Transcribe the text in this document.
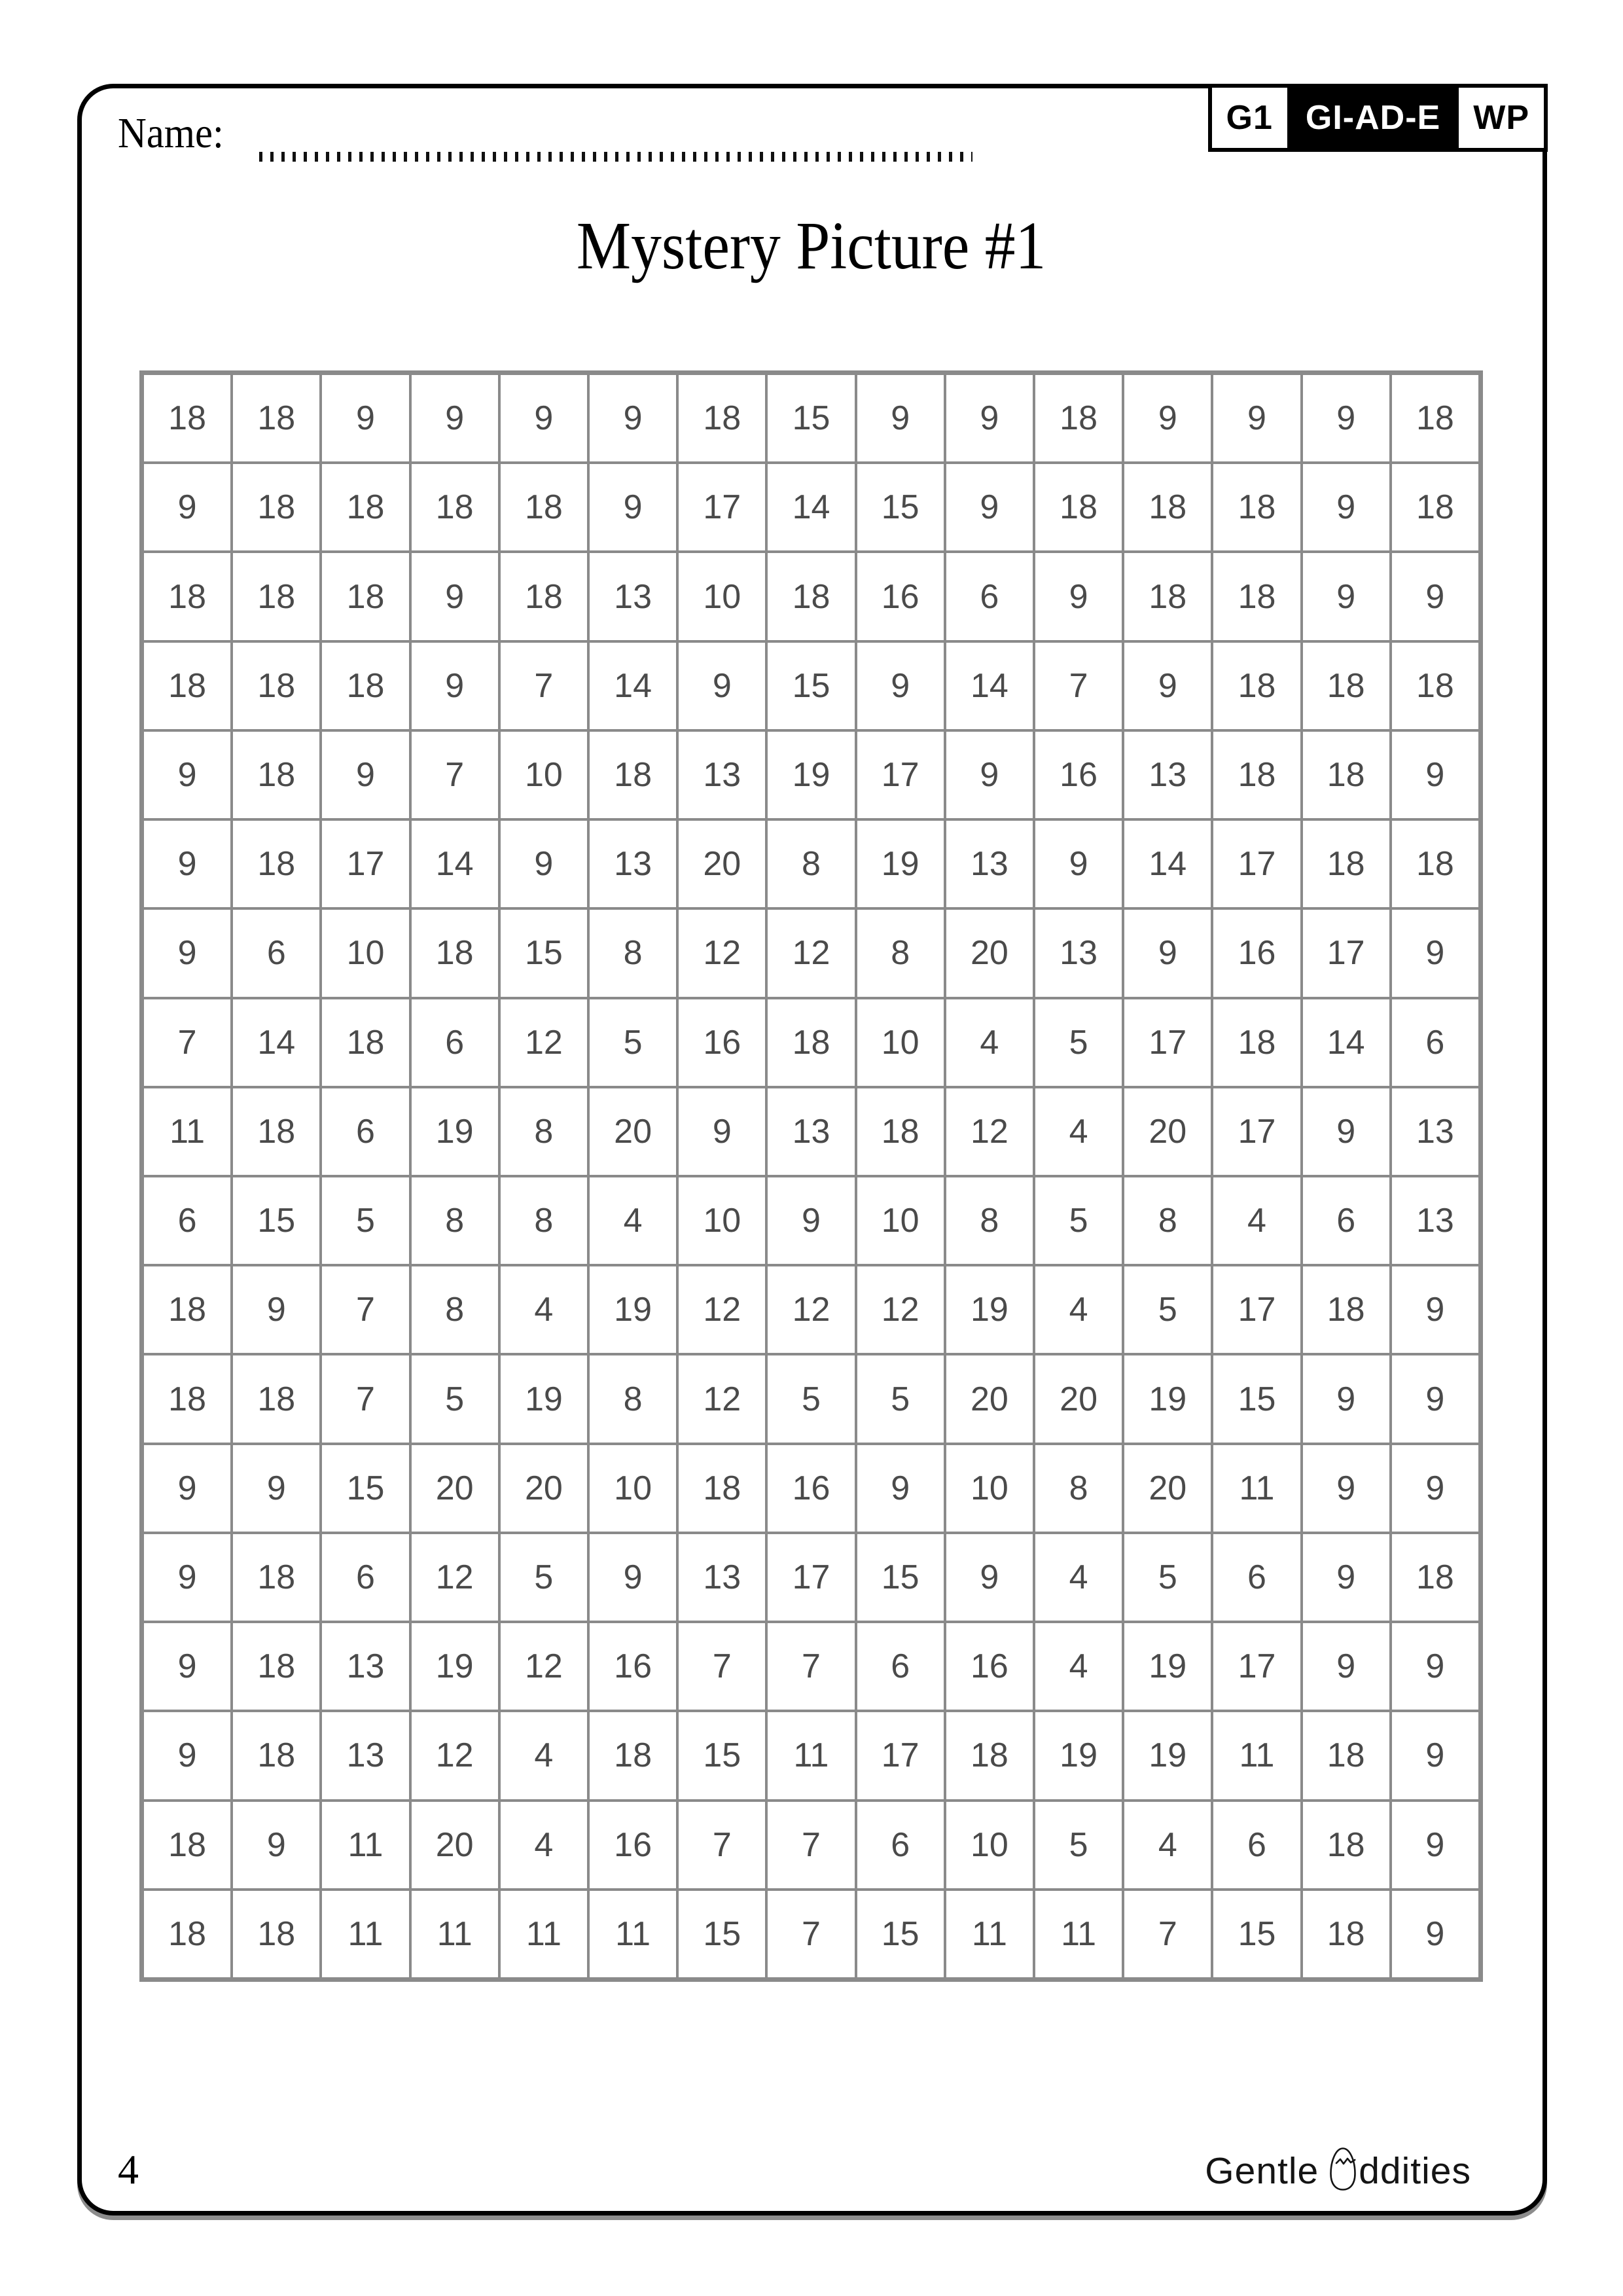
G1 GI-AD-E WP
Name:
Mystery Picture #1
18	18	9	9	9	9	18	15	9	9	18	9	9	9	18
9	18	18	18	18	9	17	14	15	9	18	18	18	9	18
18	18	18	9	18	13	10	18	16	6	9	18	18	9	9
18	18	18	9	7	14	9	15	9	14	7	9	18	18	18
9	18	9	7	10	18	13	19	17	9	16	13	18	18	9
9	18	17	14	9	13	20	8	19	13	9	14	17	18	18
9	6	10	18	15	8	12	12	8	20	13	9	16	17	9
7	14	18	6	12	5	16	18	10	4	5	17	18	14	6
11	18	6	19	8	20	9	13	18	12	4	20	17	9	13
6	15	5	8	8	4	10	9	10	8	5	8	4	6	13
18	9	7	8	4	19	12	12	12	19	4	5	17	18	9
18	18	7	5	19	8	12	5	5	20	20	19	15	9	9
9	9	15	20	20	10	18	16	9	10	8	20	11	9	9
9	18	6	12	5	9	13	17	15	9	4	5	6	9	18
9	18	13	19	12	16	7	7	6	16	4	19	17	9	9
9	18	13	12	4	18	15	11	17	18	19	19	11	18	9
18	9	11	20	4	16	7	7	6	10	5	4	6	18	9
18	18	11	11	11	11	15	7	15	11	11	7	15	18	9
4	Gentle ddities
